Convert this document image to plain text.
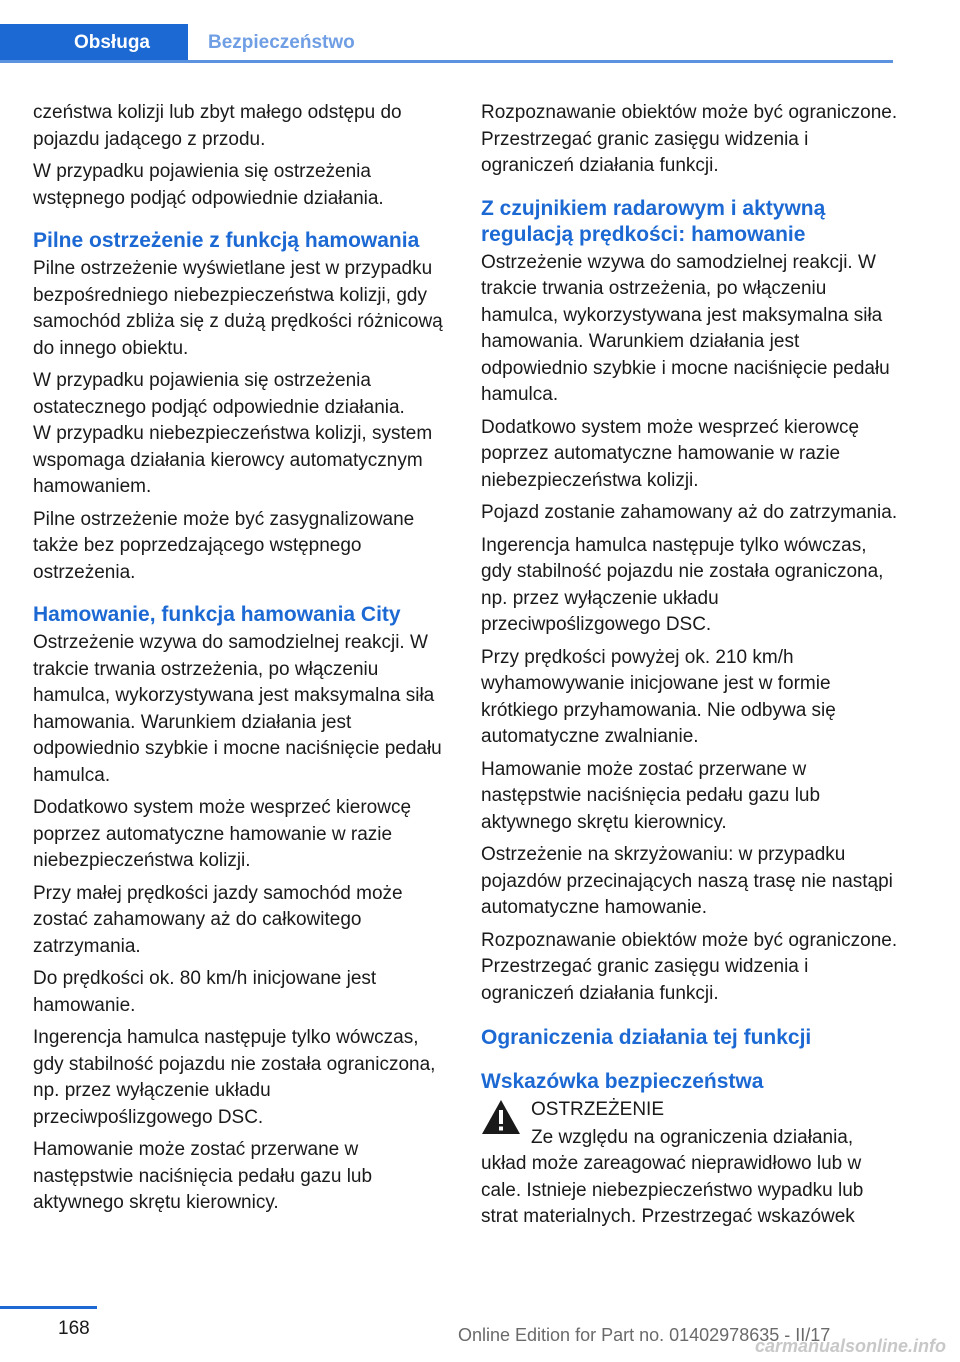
Obsługa	Bezpieczeństwo

czeństwa kolizji lub zbyt małego odstępu do pojazdu jadącego z przodu.

W przypadku pojawienia się ostrzeżenia wstępnego podjąć odpowiednie działania.

Pilne ostrzeżenie z funkcją hamowania

Pilne ostrzeżenie wyświetlane jest w przypadku bezpośredniego niebezpieczeństwa kolizji, gdy samochód zbliża się z dużą prędkości różnicową do innego obiektu.

W przypadku pojawienia się ostrzeżenia ostatecznego podjąć odpowiednie działania.

W przypadku niebezpieczeństwa kolizji, system wspomaga działania kierowcy automatycznym hamowaniem.

Pilne ostrzeżenie może być zasygnalizowane także bez poprzedzającego wstępnego ostrzeżenia.

Hamowanie, funkcja hamowania City

Ostrzeżenie wzywa do samodzielnej reakcji. W trakcie trwania ostrzeżenia, po włączeniu hamulca, wykorzystywana jest maksymalna siła hamowania. Warunkiem działania jest odpowiednio szybkie i mocne naciśnięcie pedału hamulca.

Dodatkowo system może wesprzeć kierowcę poprzez automatyczne hamowanie w razie niebezpieczeństwa kolizji.

Przy małej prędkości jazdy samochód może zostać zahamowany aż do całkowitego zatrzymania.

Do prędkości ok. 80 km/h inicjowane jest hamowanie.

Ingerencja hamulca następuje tylko wówczas, gdy stabilność pojazdu nie została ograniczona, np. przez wyłączenie układu przeciwpoślizgowego DSC.

Hamowanie może zostać przerwane w następstwie naciśnięcia pedału gazu lub aktywnego skrętu kierownicy.

Rozpoznawanie obiektów może być ograniczone. Przestrzegać granic zasięgu widzenia i ograniczeń działania funkcji.

Z czujnikiem radarowym i aktywną regulacją prędkości: hamowanie

Ostrzeżenie wzywa do samodzielnej reakcji. W trakcie trwania ostrzeżenia, po włączeniu hamulca, wykorzystywana jest maksymalna siła hamowania. Warunkiem działania jest odpowiednio szybkie i mocne naciśnięcie pedału hamulca.

Dodatkowo system może wesprzeć kierowcę poprzez automatyczne hamowanie w razie niebezpieczeństwa kolizji.

Pojazd zostanie zahamowany aż do zatrzymania.

Ingerencja hamulca następuje tylko wówczas, gdy stabilność pojazdu nie została ograniczona, np. przez wyłączenie układu przeciwpoślizgowego DSC.

Przy prędkości powyżej ok. 210 km/h wyhamowywanie inicjowane jest w formie krótkiego przyhamowania. Nie odbywa się automatyczne zwalnianie.

Hamowanie może zostać przerwane w następstwie naciśnięcia pedału gazu lub aktywnego skrętu kierownicy.

Ostrzeżenie na skrzyżowaniu: w przypadku pojazdów przecinających naszą trasę nie nastąpi automatyczne hamowanie.

Rozpoznawanie obiektów może być ograniczone. Przestrzegać granic zasięgu widzenia i ograniczeń działania funkcji.

Ograniczenia działania tej funkcji
Wskazówka bezpieczeństwa

OSTRZEŻENIE

Ze względu na ograniczenia działania, układ może zareagować nieprawidłowo lub w cale. Istnieje niebezpieczeństwo wypadku lub strat materialnych. Przestrzegać wskazówek

168	Online Edition for Part no. 01402978635 - II/17
carmanualsonline.info
